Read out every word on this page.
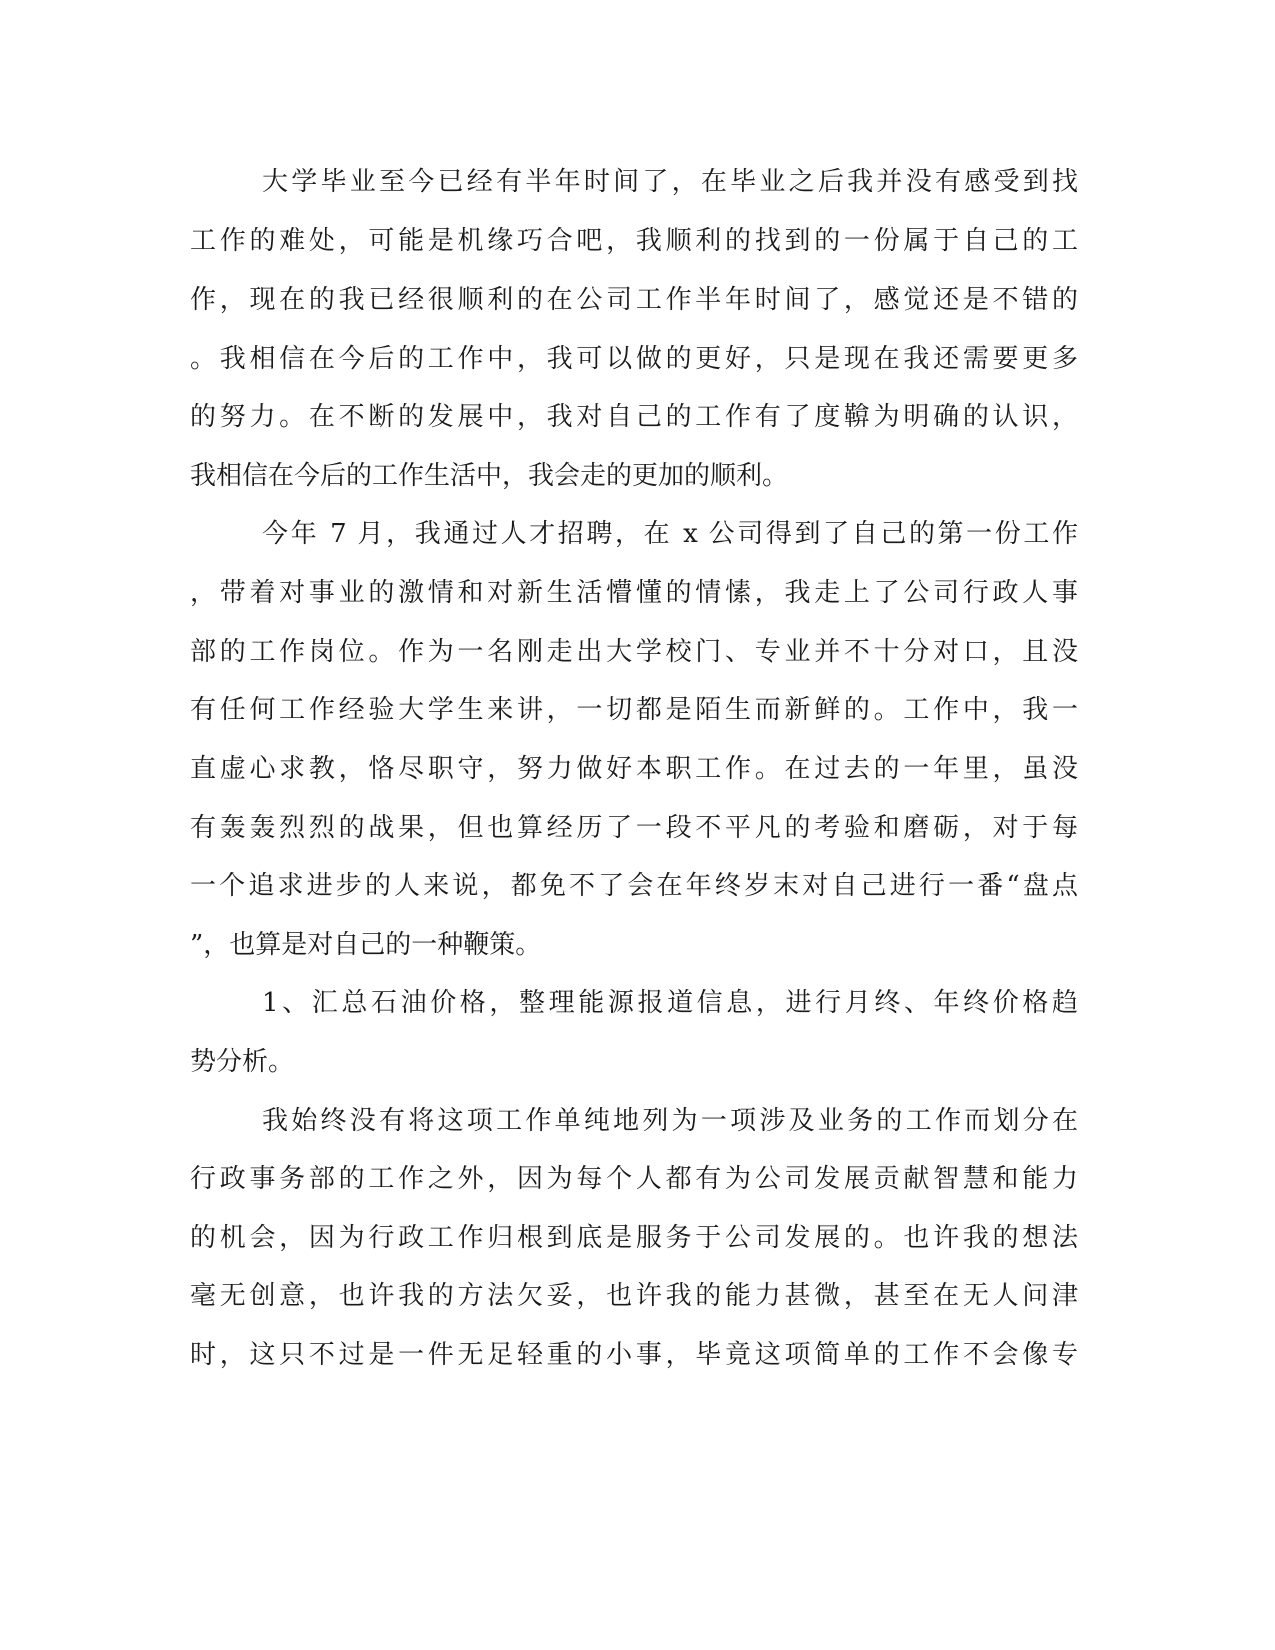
大学毕业至今已经有半年时间了，在毕业之后我并没有感受到找
工作的难处，可能是机缘巧合吧，我顺利的找到的一份属于自己的工
作，现在的我已经很顺利的在公司工作半年时间了，感觉还是不错的
。我相信在今后的工作中，我可以做的更好，只是现在我还需要更多
的努力。在不断的发展中，我对自己的工作有了度鞥为明确的认识，
我相信在今后的工作生活中，我会走的更加的顺利。
今年 7 月，我通过人才招聘，在 x 公司得到了自己的第一份工作
，带着对事业的激情和对新生活懵懂的情愫，我走上了公司行政人事
部的工作岗位。作为一名刚走出大学校门、专业并不十分对口，且没
有任何工作经验大学生来讲，一切都是陌生而新鲜的。工作中，我一
直虚心求教，恪尽职守，努力做好本职工作。在过去的一年里，虽没
有轰轰烈烈的战果，但也算经历了一段不平凡的考验和磨砺，对于每
一个追求进步的人来说，都免不了会在年终岁末对自己进行一番“盘点
”，也算是对自己的一种鞭策。
1、汇总石油价格，整理能源报道信息，进行月终、年终价格趋
势分析。
我始终没有将这项工作单纯地列为一项涉及业务的工作而划分在
行政事务部的工作之外，因为每个人都有为公司发展贡献智慧和能力
的机会，因为行政工作归根到底是服务于公司发展的。也许我的想法
毫无创意，也许我的方法欠妥，也许我的能力甚微，甚至在无人问津
时，这只不过是一件无足轻重的小事，毕竟这项简单的工作不会像专
